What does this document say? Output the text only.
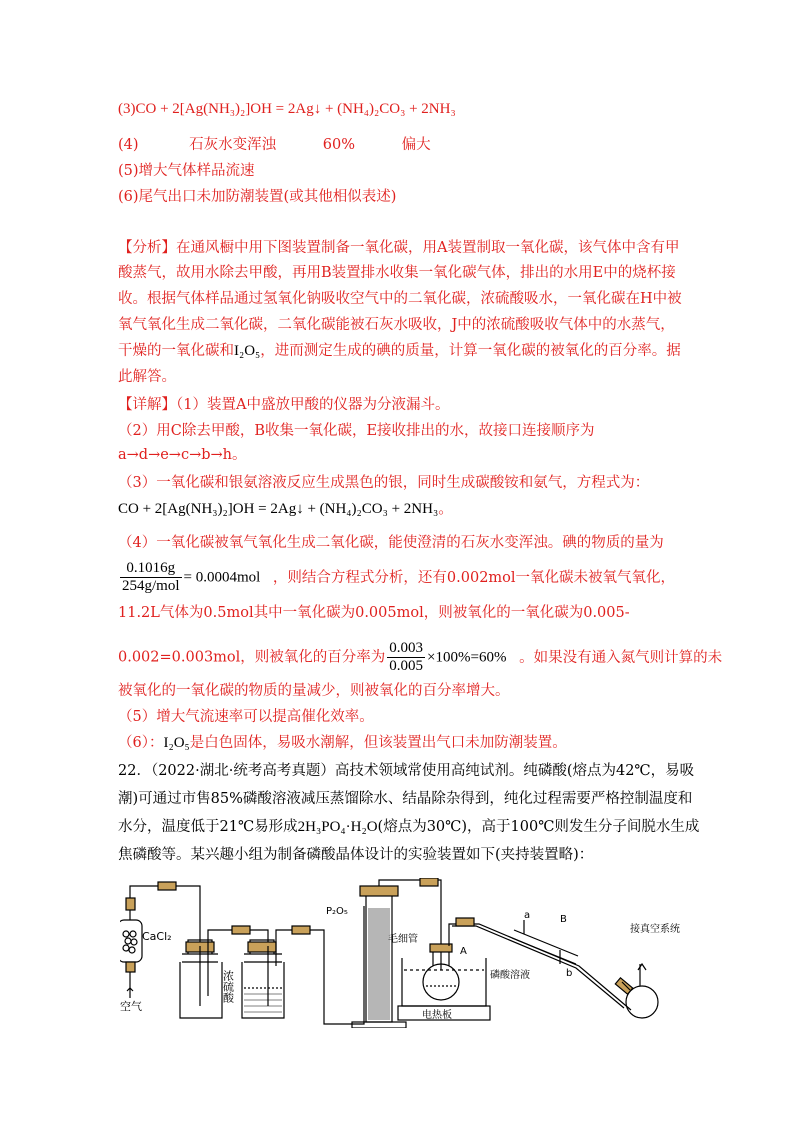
(3)CO + 2[Ag(NH₃)₂]OH = 2Ag↓ + (NH₄)₂CO₃ + 2NH₃
(4)	石灰水变浑浊	60%	偏大
(5)增大气体样品流速
(6)尾气出口未加防潮装置(或其他相似表述)
【分析】在通风橱中用下图装置制备一氧化碳，用A装置制取一氧化碳，该气体中含有甲
酸蒸气，故用水除去甲酸，再用B装置排水收集一氧化碳气体，排出的水用E中的烧杯接
收。根据气体样品通过氢氧化钠吸收空气中的二氧化碳，浓硫酸吸水，一氧化碳在H中被
氧气氧化生成二氧化碳，二氧化碳能被石灰水吸收，J中的浓硫酸吸收气体中的水蒸气，
干燥的一氧化碳和I₂O₅，进而测定生成的碘的质量，计算一氧化碳的被氧化的百分率。据
此解答。
【详解】（1）装置A中盛放甲酸的仪器为分液漏斗。
（2）用C除去甲酸，B收集一氧化碳，E接收排出的水，故接口连接顺序为
a→d→e→c→b→h。
（3）一氧化碳和银氨溶液反应生成黑色的银，同时生成碳酸铵和氨气，方程式为：
CO + 2[Ag(NH₃)₂]OH = 2Ag↓ + (NH₄)₂CO₃ + 2NH₃。
（4）一氧化碳被氧气氧化生成二氧化碳，能使澄清的石灰水变浑浊。碘的物质的量为
$\frac{0.1016g}{\text{254g/mol}} = 0.0004mol$ ，则结合方程式分析，还有0.002mol一氧化碳未被氧气氧化，
11.2L气体为0.5mol其中一氧化碳为0.005mol，则被氧化的一氧化碳为0.005-
0.002=0.003mol，则被氧化的百分率为 $\frac{0.003}{0.005} \times 100\%=60\%$ 。如果没有通入氮气则计算的未
被氧化的一氧化碳的物质的量减少，则被氧化的百分率增大。
（5）增大气流速率可以提高催化效率。
（6）：I₂O₅是白色固体，易吸水潮解，但该装置出气口未加防潮装置。
22．（2022·湖北·统考高考真题）高技术领域常使用高纯试剂。纯磷酸(熔点为42℃，易吸
潮)可通过市售85%磷酸溶液减压蒸馏除水、结晶除杂得到，纯化过程需要严格控制温度和
水分，温度低于21℃易形成2H₃PO₄·H₂O(熔点为30℃)，高于100℃则发生分子间脱水生成
焦磷酸等。某兴趣小组为制备磷酸晶体设计的实验装置如下(夹持装置略)：
CaCl₂
空气
浓硫酸
P₂O₅
毛细管
A
磷酸溶液
电热板
a	B
b
接真空系统
